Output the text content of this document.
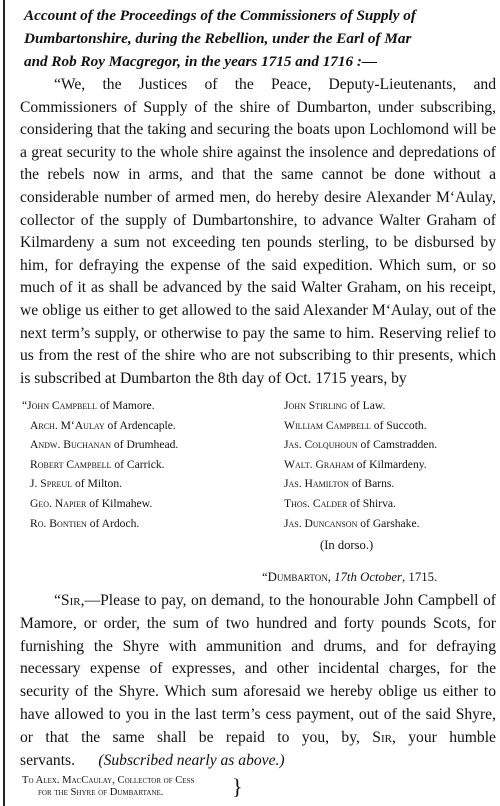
Account of the Proceedings of the Commissioners of Supply of
Dumbartonshire, during the Rebellion, under the Earl of Mar
and Rob Roy Macgregor, in the years 1715 and 1716 :—
“We, the Justices of the Peace, Deputy-Lieutenants, and Commissioners of Supply of the shire of Dumbarton, under subscribing, considering that the taking and securing the boats upon Lochlomond will be a great security to the whole shire against the insolence and depredations of the rebels now in arms, and that the same cannot be done without a considerable number of armed men, do hereby desire Alexander M‘Aulay, collector of the supply of Dumbartonshire, to advance Walter Graham of Kilmardeny a sum not exceeding ten pounds sterling, to be disbursed by him, for defraying the expense of the said expedition. Which sum, or so much of it as shall be advanced by the said Walter Graham, on his receipt, we oblige us either to get allowed to the said Alexander M‘Aulay, out of the next term’s supply, or otherwise to pay the same to him. Reserving relief to us from the rest of the shire who are not subscribing to thir presents, which is subscribed at Dumbarton the 8th day of Oct. 1715 years, by
“John Campbell of Mamore.
Arch. M‘Aulay of Ardencaple.
Andw. Buchanan of Drumhead.
Robert Campbell of Carrick.
J. Spreul of Milton.
Geo. Napier of Kilmahew.
Ro. Bontien of Ardoch.
John Stirling of Law.
William Campbell of Succoth.
Jas. Colquhoun of Camstradden.
Walt. Graham of Kilmardeny.
Jas. Hamilton of Barns.
Thos. Calder of Shirva.
Jas. Duncanson of Garshake.
(In dorso.)
“Dumbarton, 17th October, 1715.
“Sir,—Please to pay, on demand, to the honourable John Campbell of Mamore, or order, the sum of two hundred and forty pounds Scots, for furnishing the Shyre with ammunition and drums, and for defraying necessary expense of expresses, and other incidental charges, for the security of the Shyre. Which sum aforesaid we hereby oblige us either to have allowed to you in the last term’s cess payment, out of the said Shyre, or that the same shall be repaid to you, by, Sir, your humble servants. (Subscribed nearly as above.)
To Alex. MacCaulay, Collector of Cess
for the Shyre of Dumbartane.	}
